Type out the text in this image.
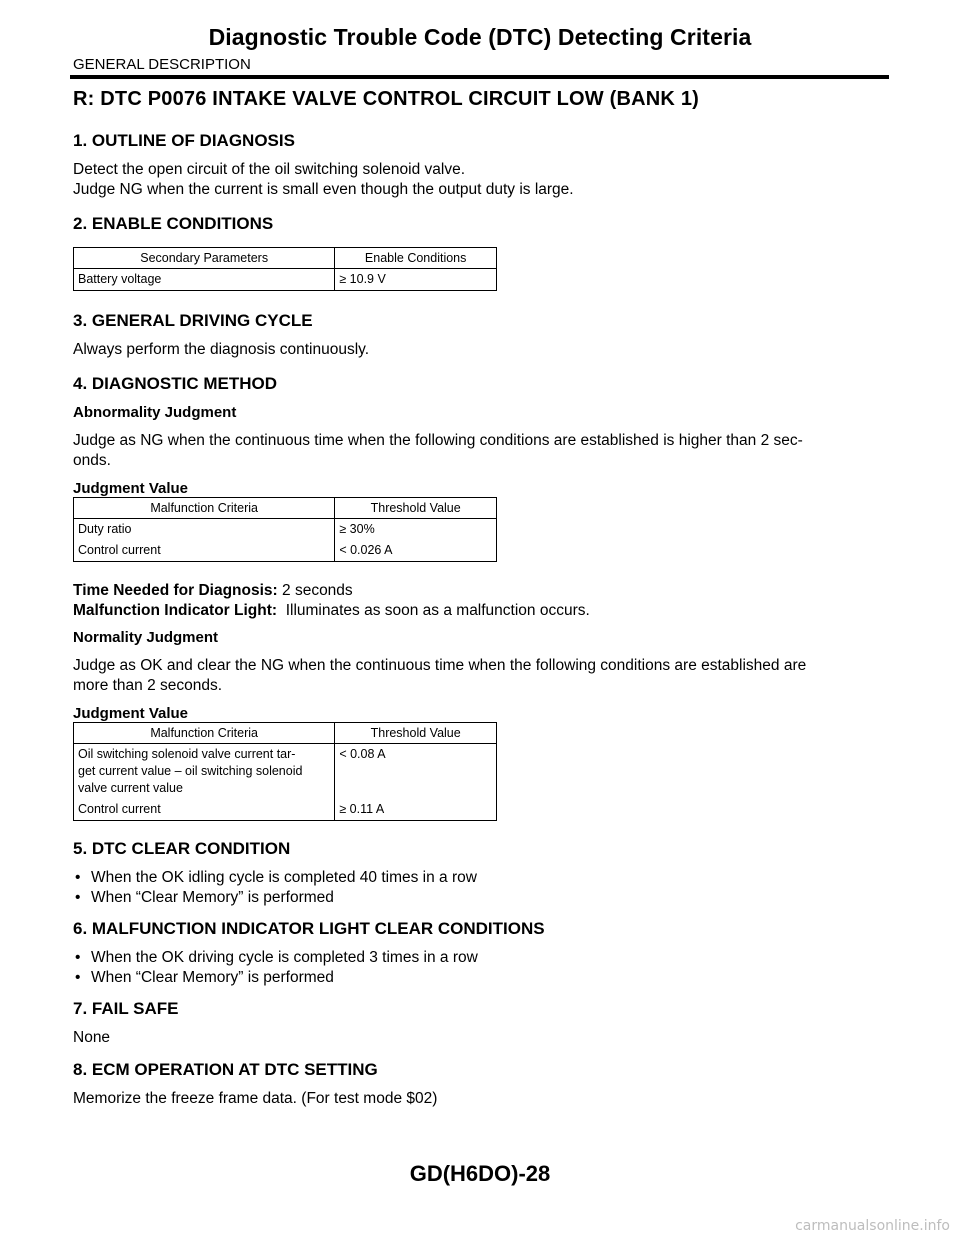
Diagnostic Trouble Code (DTC) Detecting Criteria
GENERAL DESCRIPTION
R: DTC P0076 INTAKE VALVE CONTROL CIRCUIT LOW (BANK 1)
1. OUTLINE OF DIAGNOSIS

Detect the open circuit of the oil switching solenoid valve.

Judge NG when the current is small even though the output duty is large.

2. ENABLE CONDITIONS
Secondary Parameters	Enable Conditions
Battery voltage	≥ 10.9 V
3. GENERAL DRIVING CYCLE

Always perform the diagnosis continuously.

4. DIAGNOSTIC METHOD
Abnormality Judgment

Judge as NG when the continuous time when the following conditions are established is higher than 2 sec-

onds.

Judgment Value
Malfunction Criteria	Threshold Value
Duty ratio	≥ 30%
Control current	< 0.026 A

Time Needed for Diagnosis: 2 seconds

Malfunction Indicator Light: Illuminates as soon as a malfunction occurs.

Normality Judgment

Judge as OK and clear the NG when the continuous time when the following conditions are established are

more than 2 seconds.

Judgment Value
Malfunction Criteria	Threshold Value

Oil switching solenoid valve current tar-
get current value – oil switching solenoid
valve current value	< 0.08 A
Control current	≥ 0.11 A
5. DTC CLEAR CONDITION
• When the OK idling cycle is completed 40 times in a row
• When “Clear Memory” is performed
6. MALFUNCTION INDICATOR LIGHT CLEAR CONDITIONS
• When the OK driving cycle is completed 3 times in a row
• When “Clear Memory” is performed
7. FAIL SAFE

None

8. ECM OPERATION AT DTC SETTING

Memorize the freeze frame data. (For test mode $02)

GD(H6DO)-28
carmanualsonline.info
